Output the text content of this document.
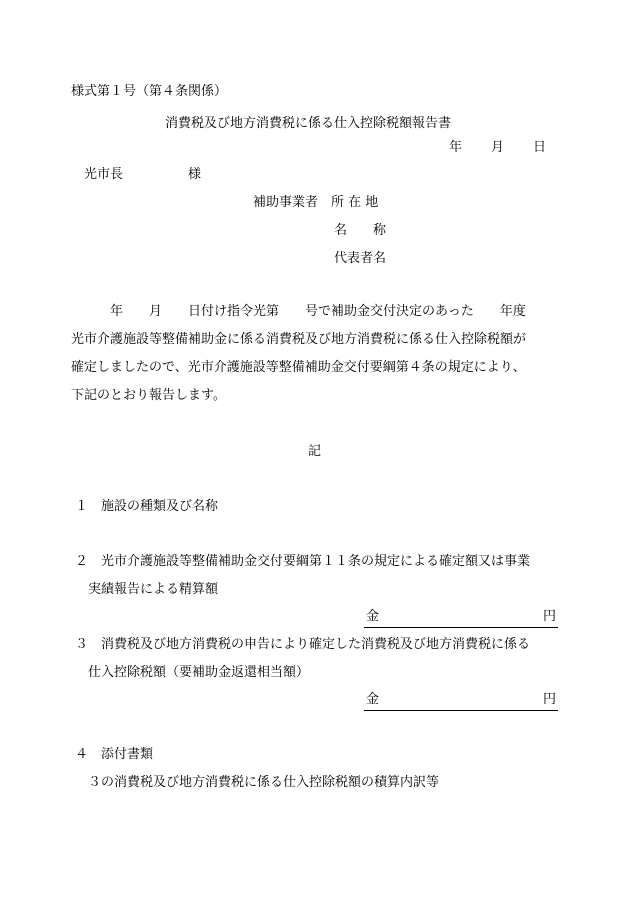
様式第１号（第４条関係）
消費税及び地方消費税に係る仕入控除税額報告書
年　　月　　日
光市長　　　　　様
補助事業者　所 在 地
名　　称
代表者名
　　　年　　月　　日付け指令光第　　号で補助金交付決定のあった　　年度
光市介護施設等整備補助金に係る消費税及び地方消費税に係る仕入控除税額が
確定しましたので、光市介護施設等整備補助金交付要綱第４条の規定により、
下記のとおり報告します。
記
１　施設の種類及び名称
２　光市介護施設等整備補助金交付要綱第１１条の規定による確定額又は事業
実績報告による精算額
金	円
３　消費税及び地方消費税の申告により確定した消費税及び地方消費税に係る
仕入控除税額（要補助金返還相当額）
金	円
４　添付書類
３の消費税及び地方消費税に係る仕入控除税額の積算内訳等
